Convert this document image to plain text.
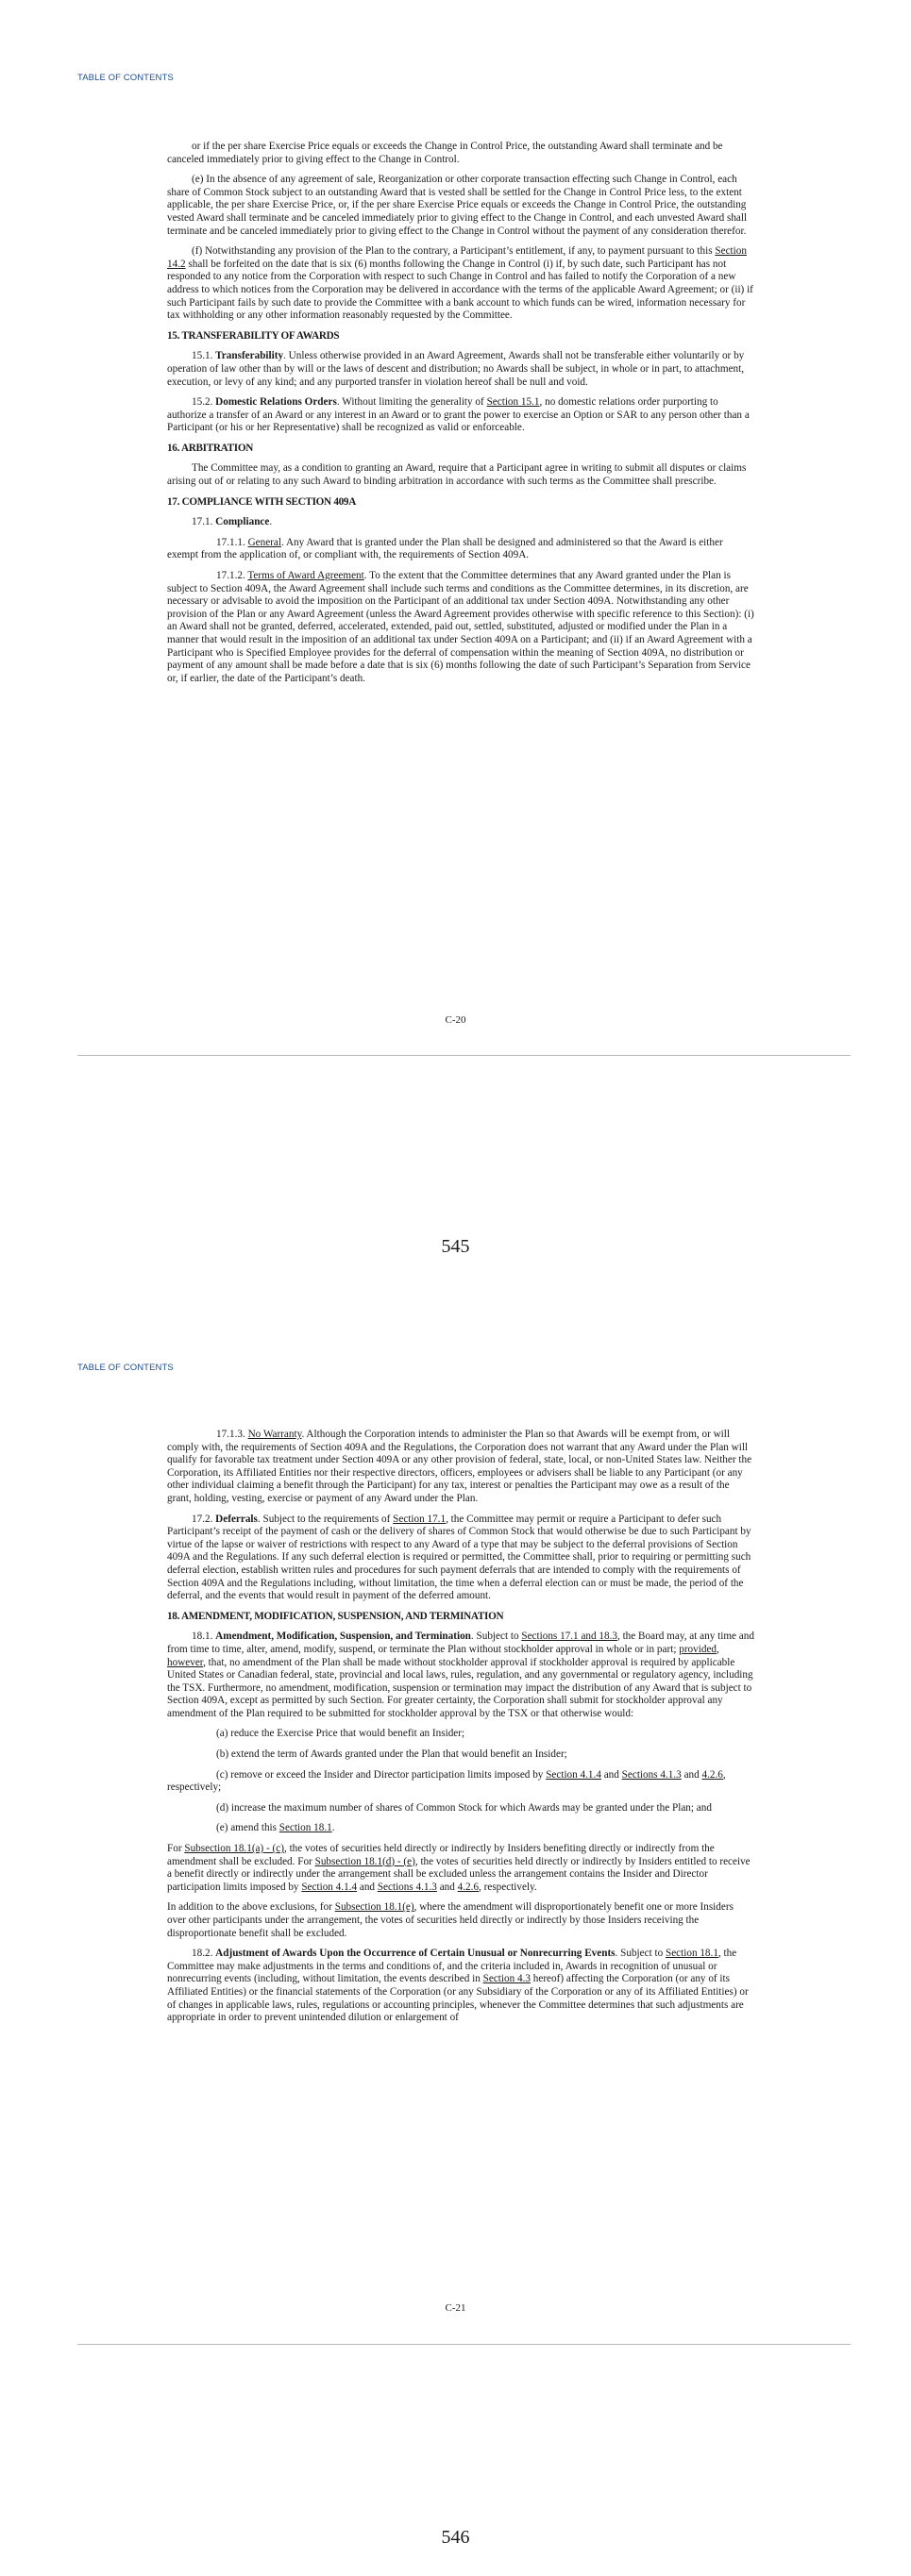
TABLE OF CONTENTS

or if the per share Exercise Price equals or exceeds the Change in Control Price, the outstanding Award shall terminate and be canceled immediately prior to giving effect to the Change in Control.

(e) In the absence of any agreement of sale, Reorganization or other corporate transaction effecting such Change in Control, each share of Common Stock subject to an outstanding Award that is vested shall be settled for the Change in Control Price less, to the extent applicable, the per share Exercise Price, or, if the per share Exercise Price equals or exceeds the Change in Control Price, the outstanding vested Award shall terminate and be canceled immediately prior to giving effect to the Change in Control, and each unvested Award shall terminate and be canceled immediately prior to giving effect to the Change in Control without the payment of any consideration therefor.

(f) Notwithstanding any provision of the Plan to the contrary, a Participant’s entitlement, if any, to payment pursuant to this Section 14.2 shall be forfeited on the date that is six (6) months following the Change in Control (i) if, by such date, such Participant has not responded to any notice from the Corporation with respect to such Change in Control and has failed to notify the Corporation of a new address to which notices from the Corporation may be delivered in accordance with the terms of the applicable Award Agreement; or (ii) if such Participant fails by such date to provide the Committee with a bank account to which funds can be wired, information necessary for tax withholding or any other information reasonably requested by the Committee.

15. TRANSFERABILITY OF AWARDS

15.1. Transferability. Unless otherwise provided in an Award Agreement, Awards shall not be transferable either voluntarily or by operation of law other than by will or the laws of descent and distribution; no Awards shall be subject, in whole or in part, to attachment, execution, or levy of any kind; and any purported transfer in violation hereof shall be null and void.

15.2. Domestic Relations Orders. Without limiting the generality of Section 15.1, no domestic relations order purporting to authorize a transfer of an Award or any interest in an Award or to grant the power to exercise an Option or SAR to any person other than a Participant (or his or her Representative) shall be recognized as valid or enforceable.

16. ARBITRATION

The Committee may, as a condition to granting an Award, require that a Participant agree in writing to submit all disputes or claims arising out of or relating to any such Award to binding arbitration in accordance with such terms as the Committee shall prescribe.

17. COMPLIANCE WITH SECTION 409A

17.1. Compliance.

17.1.1. General. Any Award that is granted under the Plan shall be designed and administered so that the Award is either exempt from the application of, or compliant with, the requirements of Section 409A.

17.1.2. Terms of Award Agreement. To the extent that the Committee determines that any Award granted under the Plan is subject to Section 409A, the Award Agreement shall include such terms and conditions as the Committee determines, in its discretion, are necessary or advisable to avoid the imposition on the Participant of an additional tax under Section 409A. Notwithstanding any other provision of the Plan or any Award Agreement (unless the Award Agreement provides otherwise with specific reference to this Section): (i) an Award shall not be granted, deferred, accelerated, extended, paid out, settled, substituted, adjusted or modified under the Plan in a manner that would result in the imposition of an additional tax under Section 409A on a Participant; and (ii) if an Award Agreement with a Participant who is Specified Employee provides for the deferral of compensation within the meaning of Section 409A, no distribution or payment of any amount shall be made before a date that is six (6) months following the date of such Participant’s Separation from Service or, if earlier, the date of the Participant’s death.

C-20
545
TABLE OF CONTENTS

17.1.3. No Warranty. Although the Corporation intends to administer the Plan so that Awards will be exempt from, or will comply with, the requirements of Section 409A and the Regulations, the Corporation does not warrant that any Award under the Plan will qualify for favorable tax treatment under Section 409A or any other provision of federal, state, local, or non-United States law. Neither the Corporation, its Affiliated Entities nor their respective directors, officers, employees or advisers shall be liable to any Participant (or any other individual claiming a benefit through the Participant) for any tax, interest or penalties the Participant may owe as a result of the grant, holding, vesting, exercise or payment of any Award under the Plan.

17.2. Deferrals. Subject to the requirements of Section 17.1, the Committee may permit or require a Participant to defer such Participant’s receipt of the payment of cash or the delivery of shares of Common Stock that would otherwise be due to such Participant by virtue of the lapse or waiver of restrictions with respect to any Award of a type that may be subject to the deferral provisions of Section 409A and the Regulations. If any such deferral election is required or permitted, the Committee shall, prior to requiring or permitting such deferral election, establish written rules and procedures for such payment deferrals that are intended to comply with the requirements of Section 409A and the Regulations including, without limitation, the time when a deferral election can or must be made, the period of the deferral, and the events that would result in payment of the deferred amount.

18. AMENDMENT, MODIFICATION, SUSPENSION, AND TERMINATION

18.1. Amendment, Modification, Suspension, and Termination. Subject to Sections 17.1 and 18.3, the Board may, at any time and from time to time, alter, amend, modify, suspend, or terminate the Plan without stockholder approval in whole or in part; provided, however, that, no amendment of the Plan shall be made without stockholder approval if stockholder approval is required by applicable United States or Canadian federal, state, provincial and local laws, rules, regulation, and any governmental or regulatory agency, including the TSX. Furthermore, no amendment, modification, suspension or termination may impact the distribution of any Award that is subject to Section 409A, except as permitted by such Section. For greater certainty, the Corporation shall submit for stockholder approval any amendment of the Plan required to be submitted for stockholder approval by the TSX or that otherwise would:

(a) reduce the Exercise Price that would benefit an Insider;

(b) extend the term of Awards granted under the Plan that would benefit an Insider;

(c) remove or exceed the Insider and Director participation limits imposed by Section 4.1.4 and Sections 4.1.3 and 4.2.6, respectively;

(d) increase the maximum number of shares of Common Stock for which Awards may be granted under the Plan; and

(e) amend this Section 18.1.

For Subsection 18.1(a) - (c), the votes of securities held directly or indirectly by Insiders benefiting directly or indirectly from the amendment shall be excluded. For Subsection 18.1(d) - (e), the votes of securities held directly or indirectly by Insiders entitled to receive a benefit directly or indirectly under the arrangement shall be excluded unless the arrangement contains the Insider and Director participation limits imposed by Section 4.1.4 and Sections 4.1.3 and 4.2.6, respectively.

In addition to the above exclusions, for Subsection 18.1(e), where the amendment will disproportionately benefit one or more Insiders over other participants under the arrangement, the votes of securities held directly or indirectly by those Insiders receiving the disproportionate benefit shall be excluded.

18.2. Adjustment of Awards Upon the Occurrence of Certain Unusual or Nonrecurring Events. Subject to Section 18.1, the Committee may make adjustments in the terms and conditions of, and the criteria included in, Awards in recognition of unusual or nonrecurring events (including, without limitation, the events described in Section 4.3 hereof) affecting the Corporation (or any of its Affiliated Entities) or the financial statements of the Corporation (or any Subsidiary of the Corporation or any of its Affiliated Entities) or of changes in applicable laws, rules, regulations or accounting principles, whenever the Committee determines that such adjustments are appropriate in order to prevent unintended dilution or enlargement of

C-21
546
